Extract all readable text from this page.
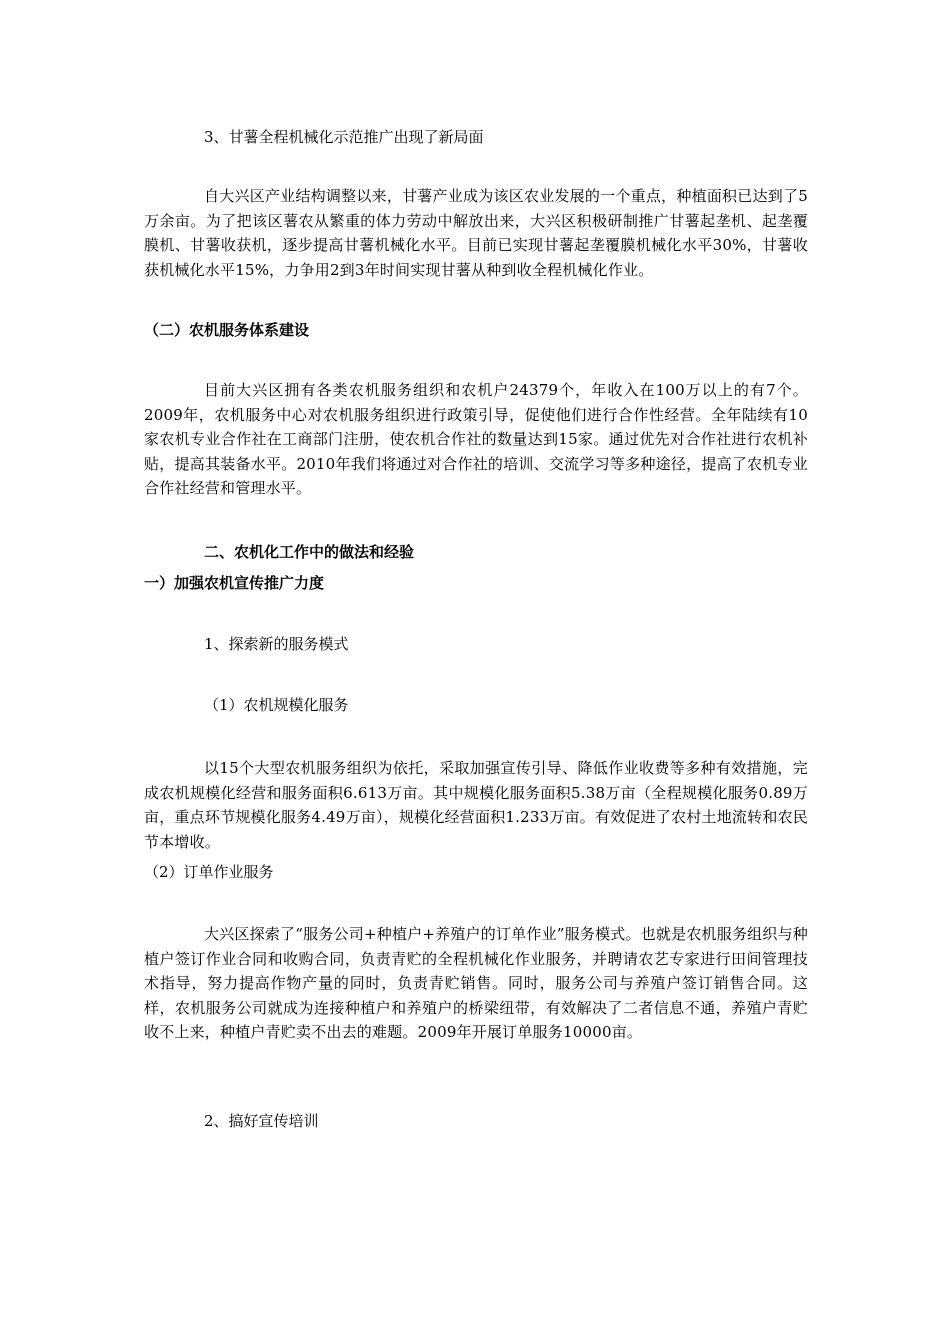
3、甘薯全程机械化示范推广出现了新局面
自大兴区产业结构调整以来，甘薯产业成为该区农业发展的一个重点，种植面积已达到了5万余亩。为了把该区薯农从繁重的体力劳动中解放出来，大兴区积极研制推广甘薯起垄机、起垄覆膜机、甘薯收获机，逐步提高甘薯机械化水平。目前已实现甘薯起垄覆膜机械化水平30%，甘薯收获机械化水平15%，力争用2到3年时间实现甘薯从种到收全程机械化作业。
（二）农机服务体系建设
目前大兴区拥有各类农机服务组织和农机户24379个，年收入在100万以上的有7个。2009年，农机服务中心对农机服务组织进行政策引导，促使他们进行合作性经营。全年陆续有10家农机专业合作社在工商部门注册，使农机合作社的数量达到15家。通过优先对合作社进行农机补贴，提高其装备水平。2010年我们将通过对合作社的培训、交流学习等多种途径，提高了农机专业合作社经营和管理水平。
二、农机化工作中的做法和经验
一）加强农机宣传推广力度
1、探索新的服务模式
（1）农机规模化服务
以15个大型农机服务组织为依托，采取加强宣传引导、降低作业收费等多种有效措施，完成农机规模化经营和服务面积6.613万亩。其中规模化服务面积5.38万亩（全程规模化服务0.89万亩，重点环节规模化服务4.49万亩），规模化经营面积1.233万亩。有效促进了农村土地流转和农民节本增收。
（2）订单作业服务
大兴区探索了“服务公司+种植户+养殖户的订单作业”服务模式。也就是农机服务组织与种植户签订作业合同和收购合同，负责青贮的全程机械化作业服务，并聘请农艺专家进行田间管理技术指导，努力提高作物产量的同时，负责青贮销售。同时，服务公司与养殖户签订销售合同。这样，农机服务公司就成为连接种植户和养殖户的桥梁纽带，有效解决了二者信息不通，养殖户青贮收不上来，种植户青贮卖不出去的难题。2009年开展订单服务10000亩。
2、搞好宣传培训
